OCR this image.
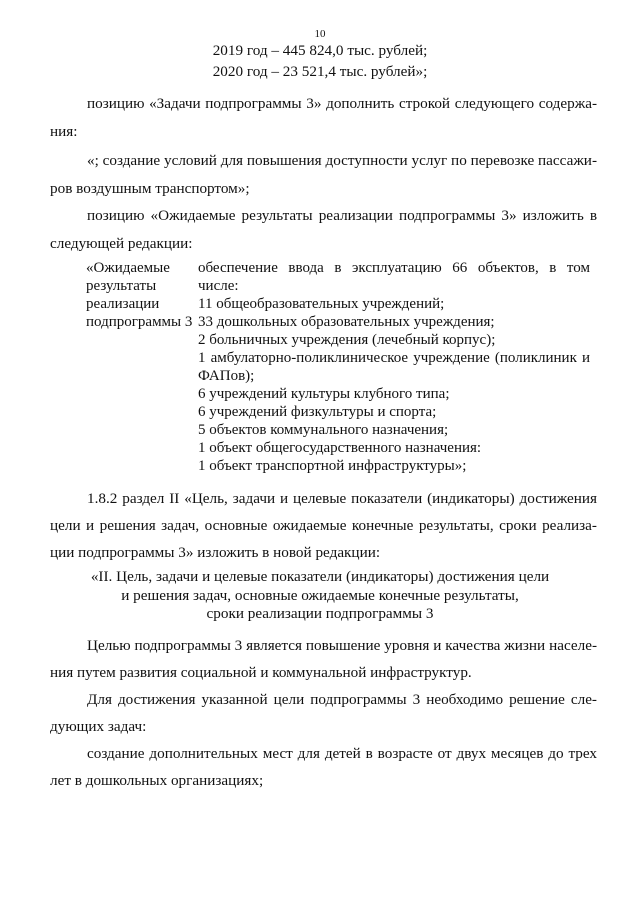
10
2019 год – 445 824,0 тыс. рублей;
2020 год – 23 521,4 тыс. рублей»;
позицию «Задачи подпрограммы 3» дополнить строкой следующего содержа-
ния:
«; создание условий для повышения доступности услуг по перевозке пассажи-
ров воздушным транспортом»;
позицию «Ожидаемые результаты реализации подпрограммы 3» изложить в
следующей редакции:
«Ожидаемые
результаты
реализации
подпрограммы 3
обеспечение ввода в эксплуатацию 66 объектов, в том
числе:
11 общеобразовательных учреждений;
33 дошкольных образовательных учреждения;
2 больничных учреждения (лечебный корпус);
1 амбулаторно-поликлиническое учреждение (поликлиник и
ФАПов);
6 учреждений культуры клубного типа;
6 учреждений физкультуры и спорта;
5 объектов коммунального назначения;
1 объект общегосударственного назначения:
1 объект транспортной инфраструктуры»;
1.8.2 раздел II «Цель, задачи и целевые показатели (индикаторы) достижения
цели и решения задач, основные ожидаемые конечные результаты, сроки реализа-
ции подпрограммы 3» изложить в новой редакции:
«II. Цель, задачи и целевые показатели (индикаторы) достижения цели
и решения задач, основные ожидаемые конечные результаты,
сроки реализации подпрограммы 3
Целью подпрограммы 3 является повышение уровня и качества жизни населе-
ния путем развития социальной и коммунальной инфраструктур.
Для достижения указанной цели подпрограммы 3 необходимо решение сле-
дующих задач:
создание дополнительных мест для детей в возрасте от двух месяцев до трех
лет в дошкольных организациях;
